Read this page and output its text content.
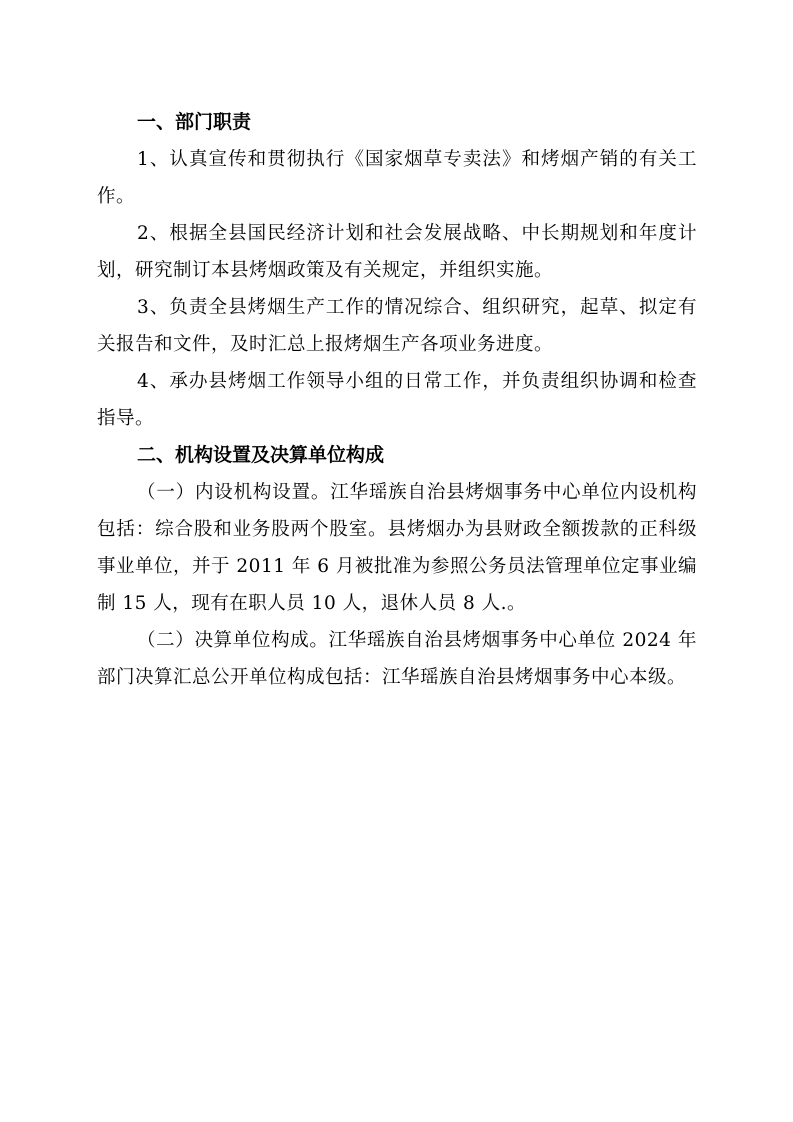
一、部门职责

1、认真宣传和贯彻执行《国家烟草专卖法》和烤烟产销的有关工作。

2、根据全县国民经济计划和社会发展战略、中长期规划和年度计划，研究制订本县烤烟政策及有关规定，并组织实施。

3、负责全县烤烟生产工作的情况综合、组织研究，起草、拟定有关报告和文件，及时汇总上报烤烟生产各项业务进度。

4、承办县烤烟工作领导小组的日常工作，并负责组织协调和检查指导。

二、机构设置及决算单位构成

（一）内设机构设置。江华瑶族自治县烤烟事务中心单位内设机构包括：综合股和业务股两个股室。县烤烟办为县财政全额拨款的正科级事业单位，并于 2011 年 6 月被批准为参照公务员法管理单位定事业编制 15 人，现有在职人员 10 人，退休人员 8 人.。

（二）决算单位构成。江华瑶族自治县烤烟事务中心单位 2024 年部门决算汇总公开单位构成包括：江华瑶族自治县烤烟事务中心本级。
